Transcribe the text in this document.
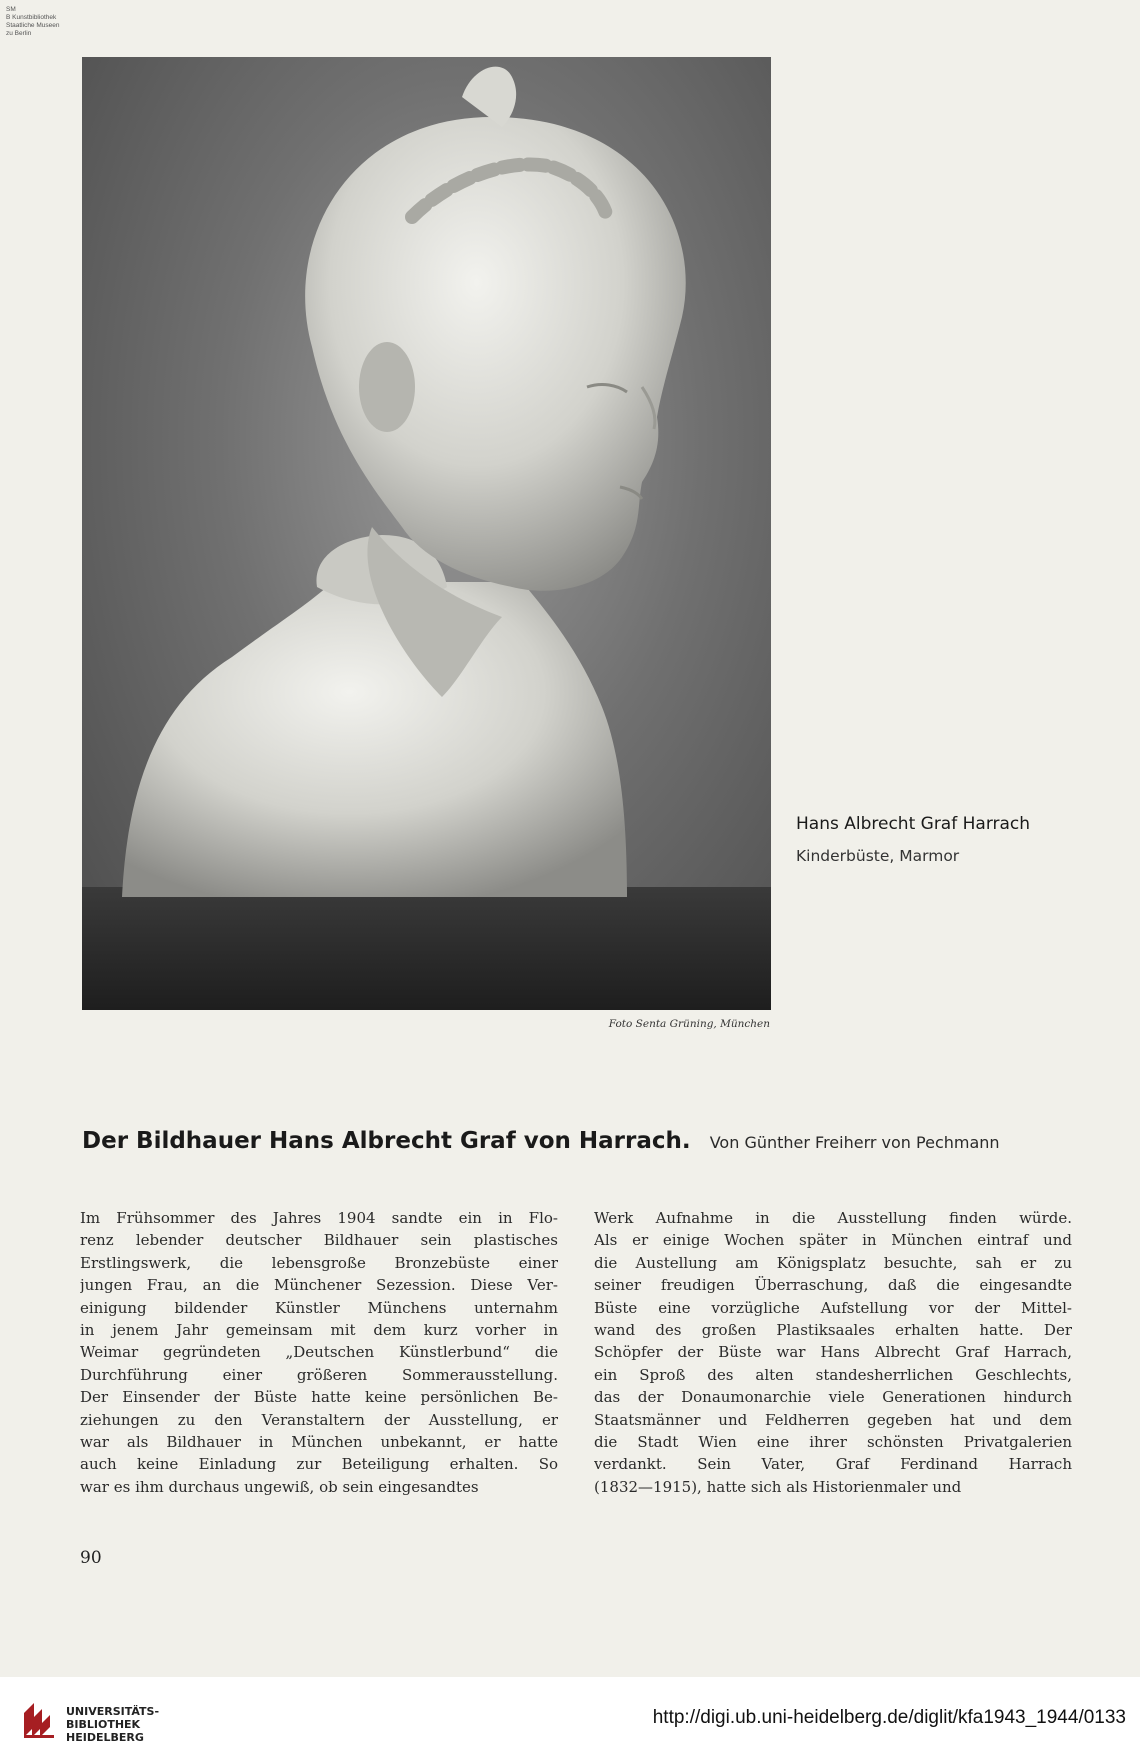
SM
B Kunstbibliothek
Staatliche Museen
zu Berlin
Foto Senta Grüning, München
Hans Albrecht Graf Harrach
Kinderbüste, Marmor
Der Bildhauer Hans Albrecht Graf von Harrach. Von Günther Freiherr von Pechmann
Im Frühsommer des Jahres 1904 sandte ein in Flo-
renz lebender deutscher Bildhauer sein plastisches
Erstlingswerk, die lebensgroße Bronzebüste einer
jungen Frau, an die Münchener Sezession. Diese Ver-
einigung bildender Künstler Münchens unternahm
in jenem Jahr gemeinsam mit dem kurz vorher in
Weimar gegründeten „Deutschen Künstlerbund“ die
Durchführung einer größeren Sommerausstellung.
Der Einsender der Büste hatte keine persönlichen Be-
ziehungen zu den Veranstaltern der Ausstellung, er
war als Bildhauer in München unbekannt, er hatte
auch keine Einladung zur Beteiligung erhalten. So
war es ihm durchaus ungewiß, ob sein eingesandtes
Werk Aufnahme in die Ausstellung finden würde.
Als er einige Wochen später in München eintraf und
die Austellung am Königsplatz besuchte, sah er zu
seiner freudigen Überraschung, daß die eingesandte
Büste eine vorzügliche Aufstellung vor der Mittel-
wand des großen Plastiksaales erhalten hatte. Der
Schöpfer der Büste war Hans Albrecht Graf Harrach,
ein Sproß des alten standesherrlichen Geschlechts,
das der Donaumonarchie viele Generationen hindurch
Staatsmänner und Feldherren gegeben hat und dem
die Stadt Wien eine ihrer schönsten Privatgalerien
verdankt. Sein Vater, Graf Ferdinand Harrach
(1832—1915), hatte sich als Historienmaler und
90
UNIVERSITÄTS-
BIBLIOTHEK
HEIDELBERG
http://digi.ub.uni-heidelberg.de/diglit/kfa1943_1944/0133
